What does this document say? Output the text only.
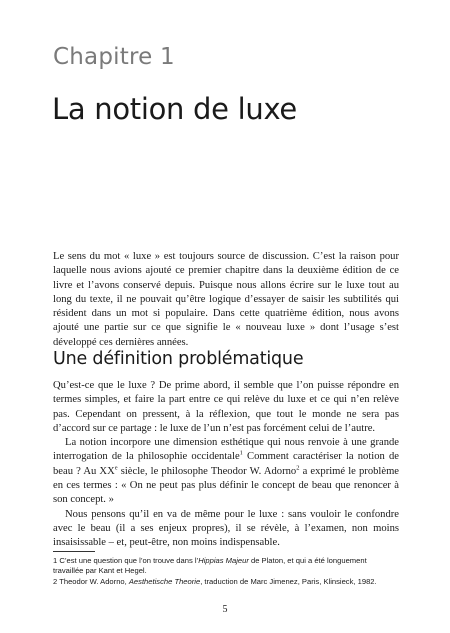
Chapitre 1
La notion de luxe

Le sens du mot « luxe » est toujours source de discussion. C’est la raison pour laquelle nous avions ajouté ce premier chapitre dans la deuxième édition de ce livre et l’avons conservé depuis. Puisque nous allons écrire sur le luxe tout au long du texte, il ne pouvait qu’être logique d’essayer de saisir les subtilités qui résident dans un mot si populaire. Dans cette quatrième édition, nous avons ajouté une partie sur ce que signifie le « nouveau luxe » dont l’usage s’est développé ces dernières années.

Une définition problématique

Qu’est-ce que le luxe ? De prime abord, il semble que l’on puisse répondre en termes simples, et faire la part entre ce qui relève du luxe et ce qui n’en relève pas. Cependant on pressent, à la réflexion, que tout le monde ne sera pas d’accord sur ce partage : le luxe de l’un n’est pas forcément celui de l’autre.

La notion incorpore une dimension esthétique qui nous renvoie à une grande interrogation de la philosophie occidentale$^1$ Comment caractériser la notion de beau ? Au XXe siècle, le philosophe Theodor W. Adorno$^2$ a exprimé le problème en ces termes : « On ne peut pas plus définir le concept de beau que renoncer à son concept. »

Nous pensons qu’il en va de même pour le luxe : sans vouloir le confondre avec le beau (il a ses enjeux propres), il se révèle, à l’examen, non moins insaisissable – et, peut-être, non moins indispensable.

1 C’est une question que l’on trouve dans l’Hippias Majeur de Platon, et qui a été longuement travaillée par Kant et Hegel.

2 Theodor W. Adorno, Aesthetische Theorie, traduction de Marc Jimenez, Paris, Klinsieck, 1982.

5
